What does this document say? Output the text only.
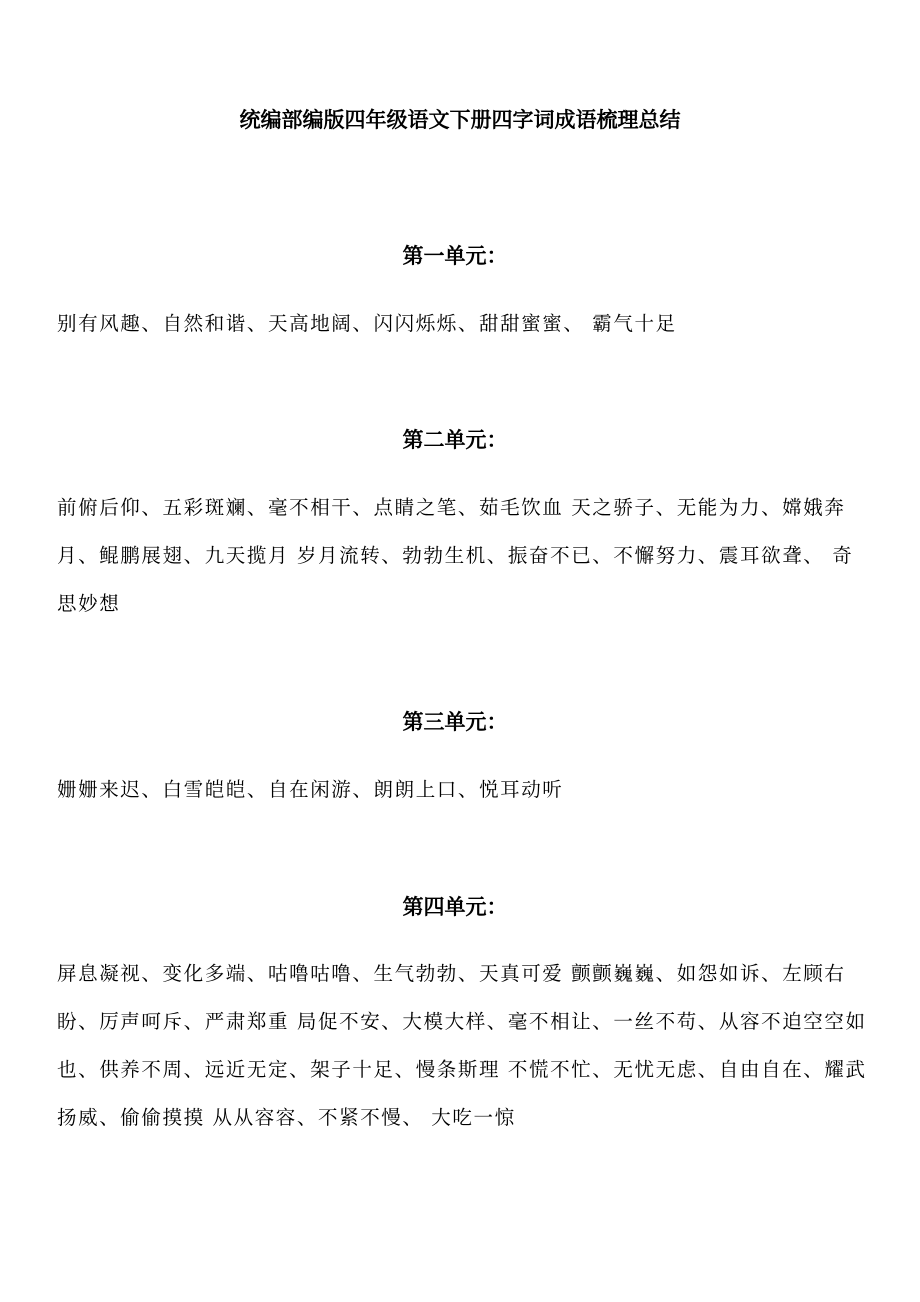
统编部编版四年级语文下册四字词成语梳理总结
第一单元：

别有风趣、自然和谐、天高地阔、闪闪烁烁、甜甜蜜蜜、 霸气十足

第二单元：

前俯后仰、五彩斑斓、毫不相干、点睛之笔、茹毛饮血 天之骄子、无能为力、嫦娥奔月、鲲鹏展翅、九天揽月 岁月流转、勃勃生机、振奋不已、不懈努力、震耳欲聋、 奇思妙想

第三单元：

姗姗来迟、白雪皑皑、自在闲游、朗朗上口、悦耳动听

第四单元：

屏息凝视、变化多端、咕噜咕噜、生气勃勃、天真可爱 颤颤巍巍、如怨如诉、左顾右盼、厉声呵斥、严肃郑重 局促不安、大模大样、毫不相让、一丝不苟、从容不迫空空如也、供养不周、远近无定、架子十足、慢条斯理 不慌不忙、无忧无虑、自由自在、耀武扬威、偷偷摸摸 从从容容、不紧不慢、 大吃一惊
